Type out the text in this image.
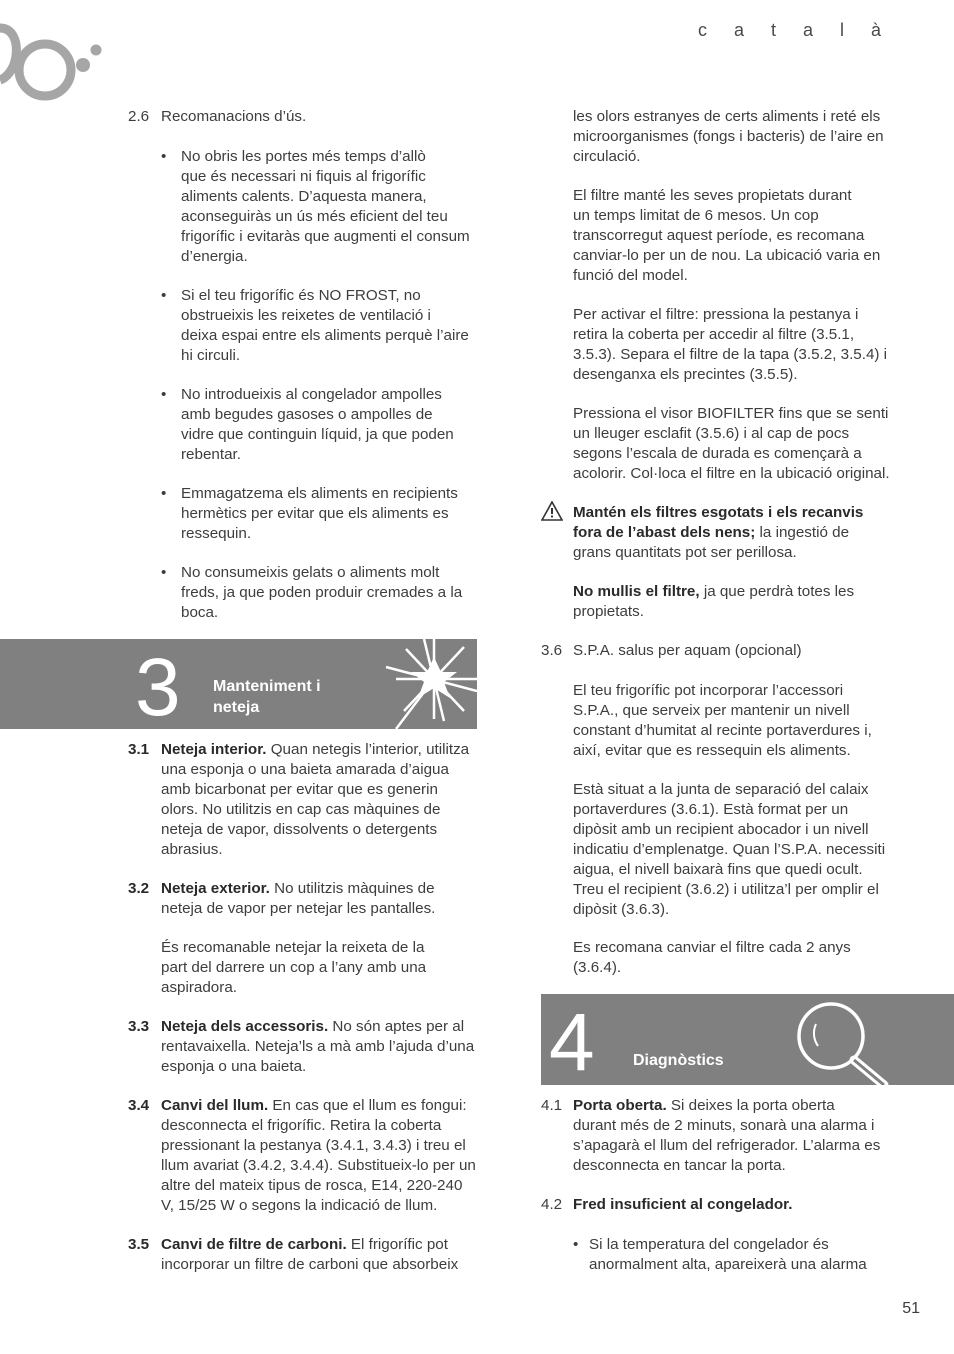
c a t a l à
2.6 Recomanacions d’ús.
• No obris les portes més temps d’allò
que és necessari ni fiquis al frigorífic
aliments calents. D’aquesta manera,
aconseguiràs un ús més eficient del teu
frigorífic i evitaràs que augmenti el consum
d’energia.
• Si el teu frigorífic és NO FROST, no
obstrueixis les reixetes de ventilació i
deixa espai entre els aliments perquè l’aire
hi circuli.
• No introdueixis al congelador ampolles
amb begudes gasoses o ampolles de
vidre que continguin líquid, ja que poden
rebentar.
• Emmagatzema els aliments en recipients
hermètics per evitar que els aliments es
ressequin.
• No consumeixis gelats o aliments molt
freds, ja que poden produir cremades a la
boca.
3 Manteniment i
neteja
3.1 Neteja interior. Quan netegis l’interior, utilitza
una esponja o una baieta amarada d’aigua
amb bicarbonat per evitar que es generin
olors. No utilitzis en cap cas màquines de
neteja de vapor, dissolvents o detergents
abrasius.
3.2 Neteja exterior. No utilitzis màquines de
neteja de vapor per netejar les pantalles.
És recomanable netejar la reixeta de la
part del darrere un cop a l’any amb una
aspiradora.
3.3 Neteja dels accessoris. No són aptes per al
rentavaixella. Neteja’ls a mà amb l’ajuda d’una
esponja o una baieta.
3.4 Canvi del llum. En cas que el llum es fongui:
desconnecta el frigorífic. Retira la coberta
pressionant la pestanya (3.4.1, 3.4.3) i treu el
llum avariat (3.4.2, 3.4.4). Substitueix-lo per un
altre del mateix tipus de rosca, E14, 220-240
V, 15/25 W o segons la indicació de llum.
3.5 Canvi de filtre de carboni. El frigorífic pot
incorporar un filtre de carboni que absorbeix
les olors estranyes de certs aliments i reté els
microorganismes (fongs i bacteris) de l’aire en
circulació.
El filtre manté les seves propietats durant
un temps limitat de 6 mesos. Un cop
transcorregut aquest període, es recomana
canviar-lo per un de nou. La ubicació varia en
funció del model.
Per activar el filtre: pressiona la pestanya i
retira la coberta per accedir al filtre (3.5.1,
3.5.3). Separa el filtre de la tapa (3.5.2, 3.5.4) i
desenganxa els precintes (3.5.5).
Pressiona el visor BIOFILTER fins que se senti
un lleuger esclafit (3.5.6) i al cap de pocs
segons l’escala de durada es començarà a
acolorir. Col·loca el filtre en la ubicació original.
Mantén els filtres esgotats i els recanvis
fora de l’abast dels nens; la ingestió de
grans quantitats pot ser perillosa.
No mullis el filtre, ja que perdrà totes les
propietats.
3.6 S.P.A. salus per aquam (opcional)
El teu frigorífic pot incorporar l’accessori
S.P.A., que serveix per mantenir un nivell
constant d’humitat al recinte portaverdures i,
així, evitar que es ressequin els aliments.
Està situat a la junta de separació del calaix
portaverdures (3.6.1). Està format per un
dipòsit amb un recipient abocador i un nivell
indicatiu d’emplenatge. Quan l’S.P.A. necessiti
aigua, el nivell baixarà fins que quedi ocult.
Treu el recipient (3.6.2) i utilitza’l per omplir el
dipòsit (3.6.3).
Es recomana canviar el filtre cada 2 anys
(3.6.4).
4 Diagnòstics
4.1 Porta oberta. Si deixes la porta oberta
durant més de 2 minuts, sonarà una alarma i
s’apagarà el llum del refrigerador. L’alarma es
desconnecta en tancar la porta.
4.2 Fred insuficient al congelador.
• Si la temperatura del congelador és
anormalment alta, apareixerà una alarma
51
